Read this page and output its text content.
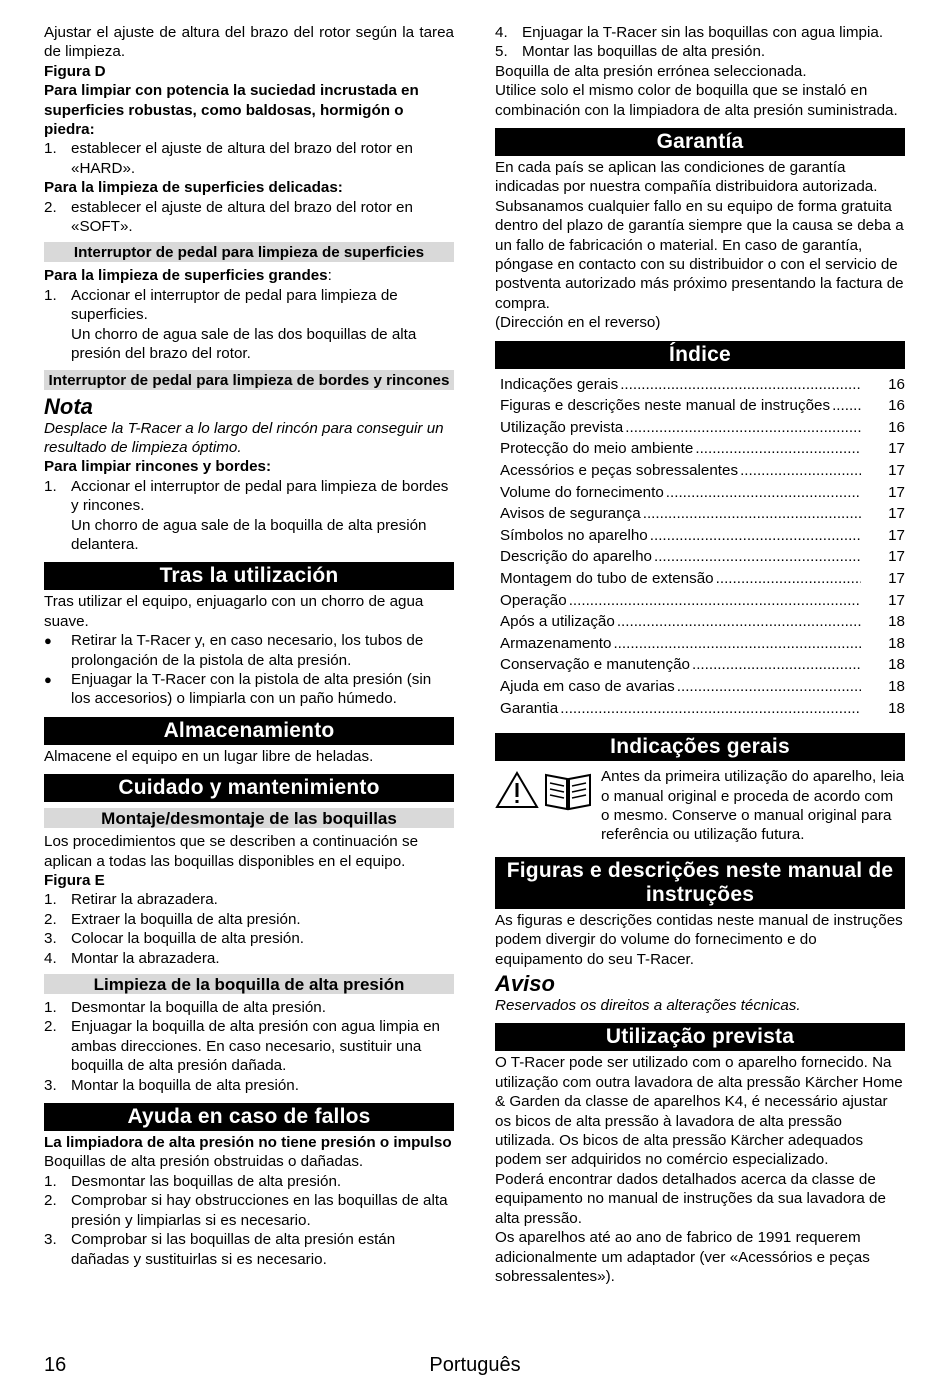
Ajustar el ajuste de altura del brazo del rotor según la tarea de limpieza.

Figura D

Para limpiar con potencia la suciedad incrustada en superficies robustas, como baldosas, hormigón o piedra:

1. establecer el ajuste de altura del brazo del rotor en «HARD».

Para la limpieza de superficies delicadas:

2. establecer el ajuste de altura del brazo del rotor en «SOFT».
Interruptor de pedal para limpieza de superficies

Para la limpieza de superficies grandes:

1. Accionar el interruptor de pedal para limpieza de superficies.

Un chorro de agua sale de las dos boquillas de alta presión del brazo del rotor.

Interruptor de pedal para limpieza de bordes y rincones
Nota

Desplace la T-Racer a lo largo del rincón para conseguir un resultado de limpieza óptimo.

Para limpiar rincones y bordes:

1. Accionar el interruptor de pedal para limpieza de bordes y rincones.

Un chorro de agua sale de la boquilla de alta presión delantera.

Tras la utilización

Tras utilizar el equipo, enjuagarlo con un chorro de agua suave.

●	Retirar la T-Racer y, en caso necesario, los tubos de prolongación de la pistola de alta presión.
●	Enjuagar la T-Racer con la pistola de alta presión (sin los accesorios) o limpiarla con un paño húmedo.
Almacenamiento

Almacene el equipo en un lugar libre de heladas.

Cuidado y mantenimiento
Montaje/desmontaje de las boquillas

Los procedimientos que se describen a continuación se aplican a todas las boquillas disponibles en el equipo.

Figura E

1. Retirar la abrazadera.
2. Extraer la boquilla de alta presión.
3. Colocar la boquilla de alta presión.
4. Montar la abrazadera.
Limpieza de la boquilla de alta presión
1. Desmontar la boquilla de alta presión.
2. Enjuagar la boquilla de alta presión con agua limpia en ambas direcciones. En caso necesario, sustituir una boquilla de alta presión dañada.
3. Montar la boquilla de alta presión.
Ayuda en caso de fallos

La limpiadora de alta presión no tiene presión o impulso

Boquillas de alta presión obstruidas o dañadas.

1. Desmontar las boquillas de alta presión.
2. Comprobar si hay obstrucciones en las boquillas de alta presión y limpiarlas si es necesario.
3. Comprobar si las boquillas de alta presión están dañadas y sustituirlas si es necesario.
4. Enjuagar la T-Racer sin las boquillas con agua limpia.
5. Montar las boquillas de alta presión.

Boquilla de alta presión errónea seleccionada.

Utilice solo el mismo color de boquilla que se instaló en combinación con la limpiadora de alta presión suministrada.

Garantía

En cada país se aplican las condiciones de garantía indicadas por nuestra compañía distribuidora autorizada. Subsanamos cualquier fallo en su equipo de forma gratuita dentro del plazo de garantía siempre que la causa se deba a un fallo de fabricación o material. En caso de garantía, póngase en contacto con su distribuidor o con el servicio de postventa autorizado más próximo presentando la factura de compra.

(Dirección en el reverso)

Índice
Indicações gerais .....	16
Figuras e descrições neste manual de instruções .....	16
Utilização prevista .....	16
Protecção do meio ambiente .....	17
Acessórios e peças sobressalentes .....	17
Volume do fornecimento .....	17
Avisos de segurança .....	17
Símbolos no aparelho .....	17
Descrição do aparelho .....	17
Montagem do tubo de extensão .....	17
Operação .....	17
Após a utilização .....	18
Armazenamento .....	18
Conservação e manutenção .....	18
Ajuda em caso de avarias .....	18
Garantia .....	18
Indicações gerais

Antes da primeira utilização do aparelho, leia o manual original e proceda de acordo com o mesmo. Conserve o manual original para referência ou utilização futura.

Figuras e descrições neste manual de instruções

As figuras e descrições contidas neste manual de instruções podem divergir do volume do fornecimento e do equipamento do seu T-Racer.

Aviso

Reservados os direitos a alterações técnicas.

Utilização prevista

O T-Racer pode ser utilizado com o aparelho fornecido. Na utilização com outra lavadora de alta pressão Kärcher Home & Garden da classe de aparelhos K4, é necessário ajustar os bicos de alta pressão à lavadora de alta pressão utilizada. Os bicos de alta pressão Kärcher adequados podem ser adquiridos no comércio especializado.

Poderá encontrar dados detalhados acerca da classe de equipamento no manual de instruções da sua lavadora de alta pressão.

Os aparelhos até ao ano de fabrico de 1991 requerem adicionalmente um adaptador (ver «Acessórios e peças sobressalentes»).

16	Português
